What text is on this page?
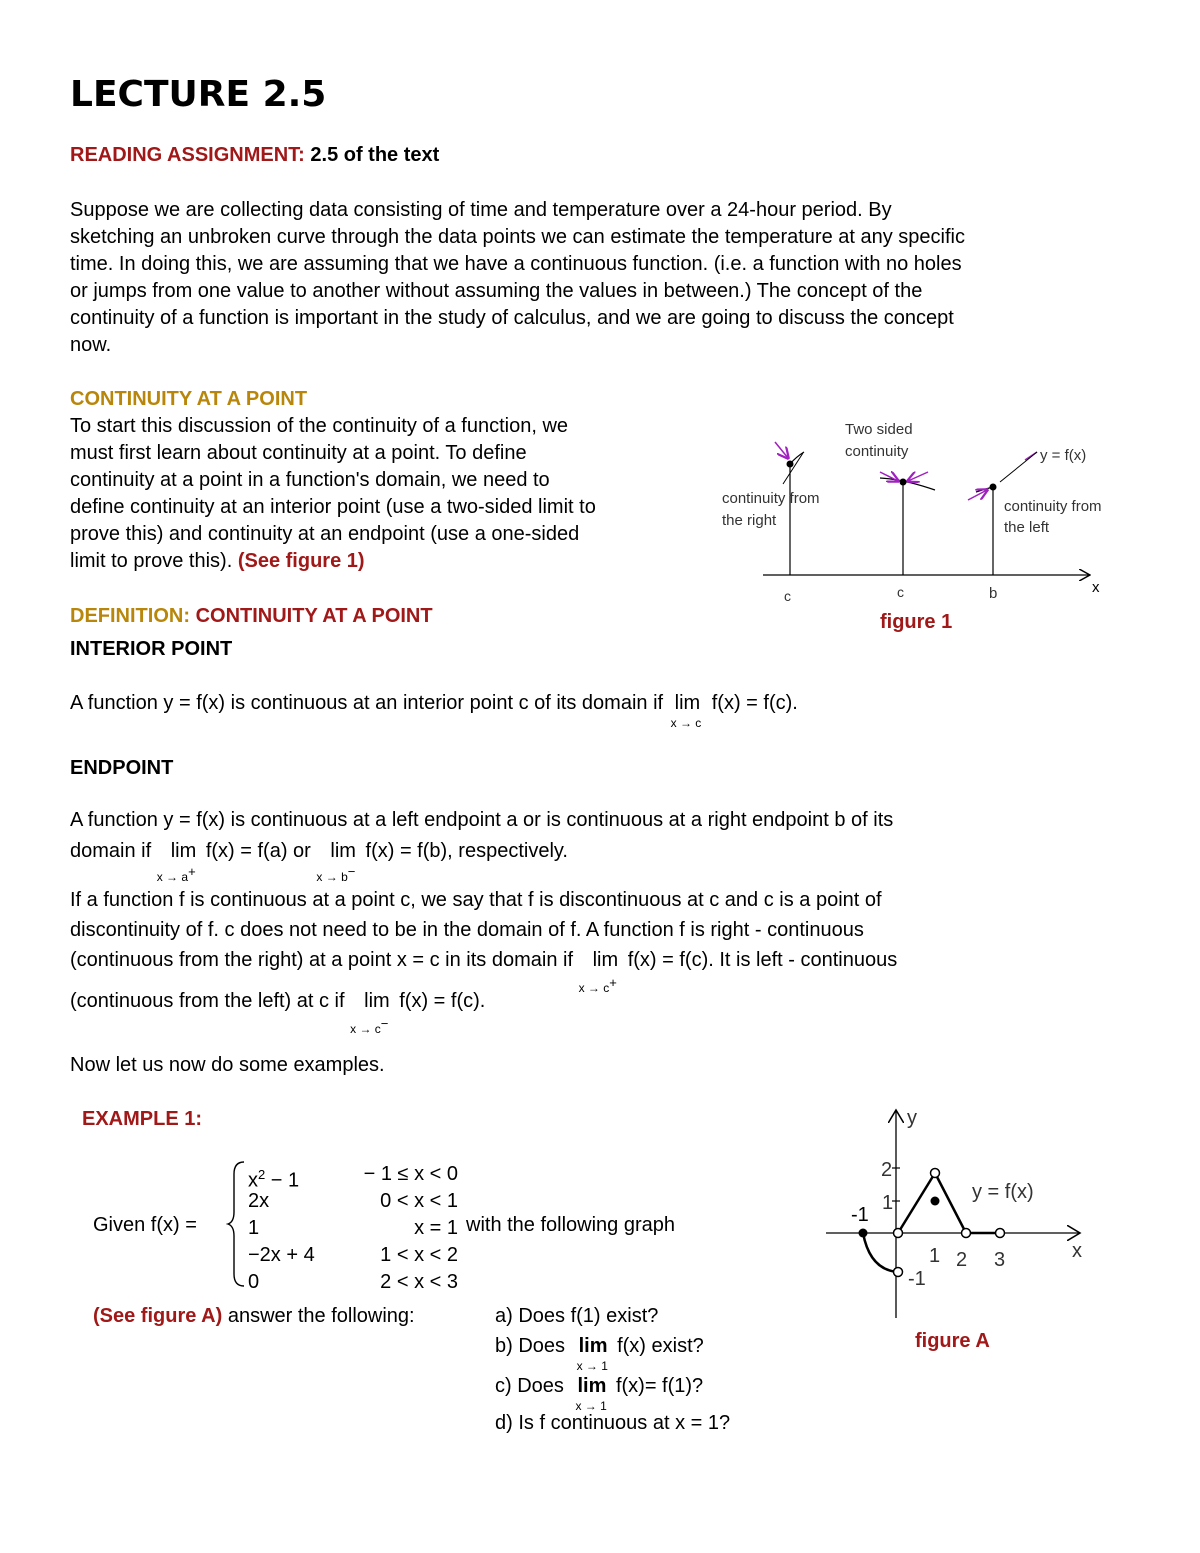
LECTURE 2.5
READING ASSIGNMENT: 2.5 of the text
Suppose we are collecting data consisting of time and temperature over a 24-hour period. By
sketching an unbroken curve through the data points we can estimate the temperature at any specific
time. In doing this, we are assuming that we have a continuous function. (i.e. a function with no holes
or jumps from one value to another without assuming the values in between.) The concept of the
continuity of a function is important in the study of calculus, and we are going to discuss the concept
now.
CONTINUITY AT A POINT
To start this discussion of the continuity of a function, we
must first learn about continuity at a point. To define
continuity at a point in a function's domain, we need to
define continuity at an interior point (use a two-sided limit to
prove this) and continuity at an endpoint (use a one-sided
limit to prove this). (See figure 1)
x
Two sided
continuity	y = f(x)
continuity from
the right
continuity from
the left
c	c	b
figure 1
DEFINITION: CONTINUITY AT A POINT
INTERIOR POINT
A function y = f(x) is continuous at an interior point c of its domain if lim
x → c
f(x) = f(c).
ENDPOINT
A function y = f(x) is continuous at a left endpoint a or is continuous at a right endpoint b of its
domain if lim
x → a+
f(x) = f(a) or lim
x → b−
f(x) = f(b), respectively.
If a function f is continuous at a point c, we say that f is discontinuous at c and c is a point of
discontinuity of f. c does not need to be in the domain of f. A function f is right - continuous
(continuous from the right) at a point x = c in its domain if lim
x → c+
f(x) = f(c). It is left - continuous
(continuous from the left) at c if lim
x → c−
f(x) = f(c).
Now let us now do some examples.
EXAMPLE 1:
Given f(x) =
$x^2 - 1$	− 1 ≤ x < 0
2x	0 < x < 1
1	x = 1
−2x + 4	1 < x < 2
0	2 < x < 3
with the following graph
(See figure A) answer the following:	a) Does f(1) exist?
b) Does lim
x → 1
f(x) exist?
c) Does lim
x → 1
f(x)= f(1)?
d) Is f continuous at x = 1?
y
x
2
1
-1
-1
1 2 3
y = f(x)
figure A
